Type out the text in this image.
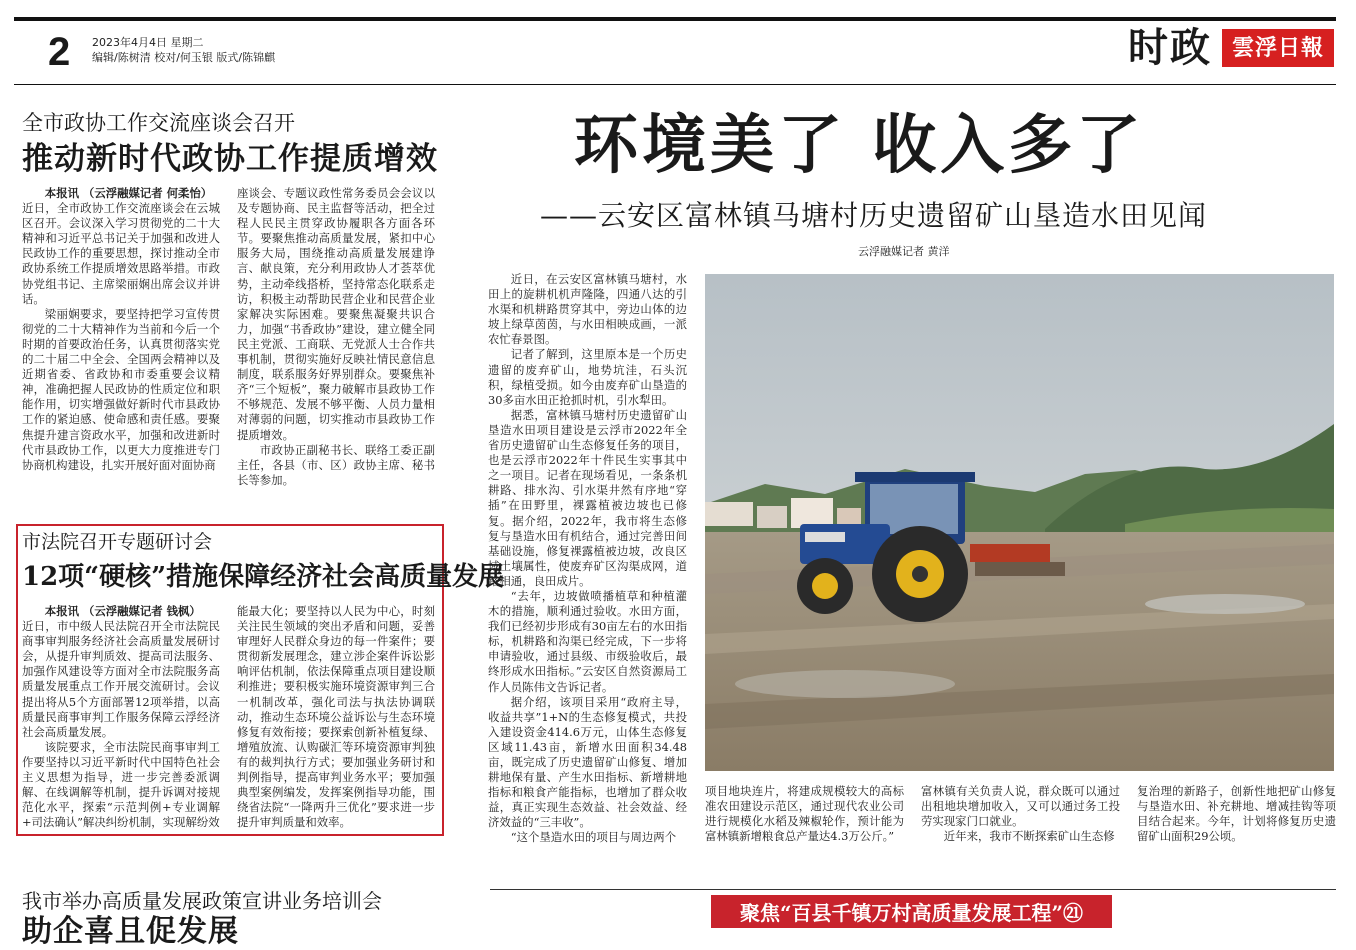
2 2023年4月4日 星期二
编辑/陈树清 校对/何玉银 版式/陈锦麒	时政 雲浮日報
全市政协工作交流座谈会召开
推动新时代政协工作提质增效

本报讯 （云浮融媒记者 何柔怡）

近日，全市政协工作交流座谈会在云城区召开。会议深入学习贯彻党的二十大精神和习近平总书记关于加强和改进人民政协工作的重要思想，探讨推动全市政协系统工作提质增效思路举措。市政协党组书记、主席梁丽娴出席会议并讲话。

梁丽娴要求，要坚持把学习宣传贯彻党的二十大精神作为当前和今后一个时期的首要政治任务，认真贯彻落实党的二十届二中全会、全国两会精神以及近期省委、省政协和市委重要会议精神，准确把握人民政协的性质定位和职能作用，切实增强做好新时代市县政协工作的紧迫感、使命感和责任感。要聚焦提升建言资政水平，加强和改进新时代市县政协工作，以更大力度推进专门协商机构建设，扎实开展好面对面协商

座谈会、专题议政性常务委员会会议以及专题协商、民主监督等活动，把全过程人民民主贯穿政协履职各方面各环节。要聚焦推动高质量发展，紧扣中心服务大局，围绕推动高质量发展建诤言、献良策，充分利用政协人才荟萃优势，主动牵线搭桥，坚持常态化联系走访，积极主动帮助民营企业和民营企业家解决实际困难。要聚焦凝聚共识合力，加强“书香政协”建设，建立健全同民主党派、工商联、无党派人士合作共事机制，贯彻实施好反映社情民意信息制度，联系服务好界别群众。要聚焦补齐“三个短板”，聚力破解市县政协工作不够规范、发展不够平衡、人员力量相对薄弱的问题，切实推动市县政协工作提质增效。

市政协正副秘书长、联络工委正副主任，各县（市、区）政协主席、秘书长等参加。

市法院召开专题研讨会
12项“硬核”措施保障经济社会高质量发展

本报讯 （云浮融媒记者 钱枫）

近日，市中级人民法院召开全市法院民商事审判服务经济社会高质量发展研讨会，从提升审判质效、提高司法服务、加强作风建设等方面对全市法院服务高质量发展重点工作开展交流研讨。会议提出将从5个方面部署12项举措，以高质量民商事审判工作服务保障云浮经济社会高质量发展。

该院要求，全市法院民商事审判工作要坚持以习近平新时代中国特色社会主义思想为指导，进一步完善委派调解、在线调解等机制，提升诉调对接规范化水平，探索“示范判例+专业调解+司法确认”解决纠纷机制，实现解纷效

能最大化；要坚持以人民为中心，时刻关注民生领域的突出矛盾和问题，妥善审理好人民群众身边的每一件案件；要贯彻新发展理念，建立涉企案件诉讼影响评估机制，依法保障重点项目建设顺利推进；要积极实施环境资源审判三合一机制改革，强化司法与执法协调联动，推动生态环境公益诉讼与生态环境修复有效衔接；要探索创新补植复绿、增殖放流、认购碳汇等环境资源审判独有的裁判执行方式；要加强业务研讨和判例指导，提高审判业务水平；要加强典型案例编发，发挥案例指导功能，围绕省法院“一降两升三优化”要求进一步提升审判质量和效率。

我市举办高质量发展政策宣讲业务培训会
助企喜且促发展
环境美了 收入多了
——云安区富林镇马塘村历史遗留矿山垦造水田见闻
云浮融媒记者 黄洋

近日，在云安区富林镇马塘村，水田上的旋耕机机声隆隆，四通八达的引水渠和机耕路贯穿其中，旁边山体的边坡上绿草茵茵，与水田相映成画，一派农忙春景图。

记者了解到，这里原本是一个历史遗留的废弃矿山，地势坑洼，石头沉积，绿植受损。如今由废弃矿山垦造的30多亩水田正抢抓时机，引水犁田。

据悉，富林镇马塘村历史遗留矿山垦造水田项目建设是云浮市2022年全省历史遗留矿山生态修复任务的项目，也是云浮市2022年十件民生实事其中之一项目。记者在现场看见，一条条机耕路、排水沟、引水渠井然有序地“穿插”在田野里，裸露植被边坡也已修复。据介绍，2022年，我市将生态修复与垦造水田有机结合，通过完善田间基础设施，修复裸露植被边坡，改良区域土壤属性，使废弃矿区沟渠成网，道路相通，良田成片。

“去年，边坡做喷播植草和种植灌木的措施，顺利通过验收。水田方面，我们已经初步形成有30亩左右的水田指标，机耕路和沟渠已经完成，下一步将申请验收，通过县级、市级验收后，最终形成水田指标。”云安区自然资源局工作人员陈伟文告诉记者。

据介绍，该项目采用“政府主导，收益共享”1+N的生态修复模式，共投入建设资金414.6万元，山体生态修复区域11.43亩，新增水田面积34.48亩，既完成了历史遗留矿山修复、增加耕地保有量、产生水田指标、新增耕地指标和粮食产能指标，也增加了群众收益，真正实现生态效益、社会效益、经济效益的“三丰收”。

“这个垦造水田的项目与周边两个

项目地块连片，将建成规模较大的高标准农田建设示范区，通过现代农业公司进行规模化水稻及辣椒轮作，预计能为富林镇新增粮食总产量达4.3万公斤。”

富林镇有关负责人说，群众既可以通过出租地块增加收入，又可以通过务工投劳实现家门口就业。

近年来，我市不断探索矿山生态修

复治理的新路子，创新性地把矿山修复与垦造水田、补充耕地、增减挂钩等项目结合起来。今年，计划将修复历史遗留矿山面积29公顷。

聚焦“百县千镇万村高质量发展工程”㉑
